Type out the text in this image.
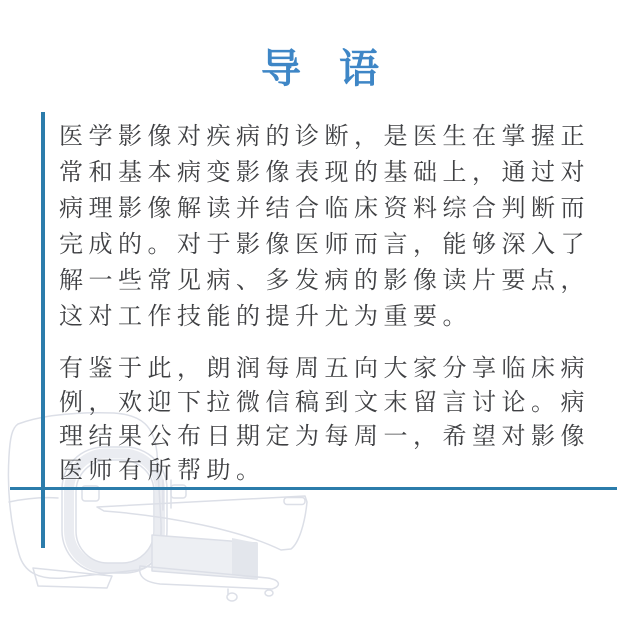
导 语
医学影像对疾病的诊断，是医生在掌握正
常和基本病变影像表现的基础上，通过对
病理影像解读并结合临床资料综合判断而
完成的。对于影像医师而言，能够深入了
解一些常见病、多发病的影像读片要点，
这对工作技能的提升尤为重要。
有鉴于此，朗润每周五向大家分享临床病
例，欢迎下拉微信稿到文末留言讨论。病
理结果公布日期定为每周一，希望对影像
医师有所帮助。
